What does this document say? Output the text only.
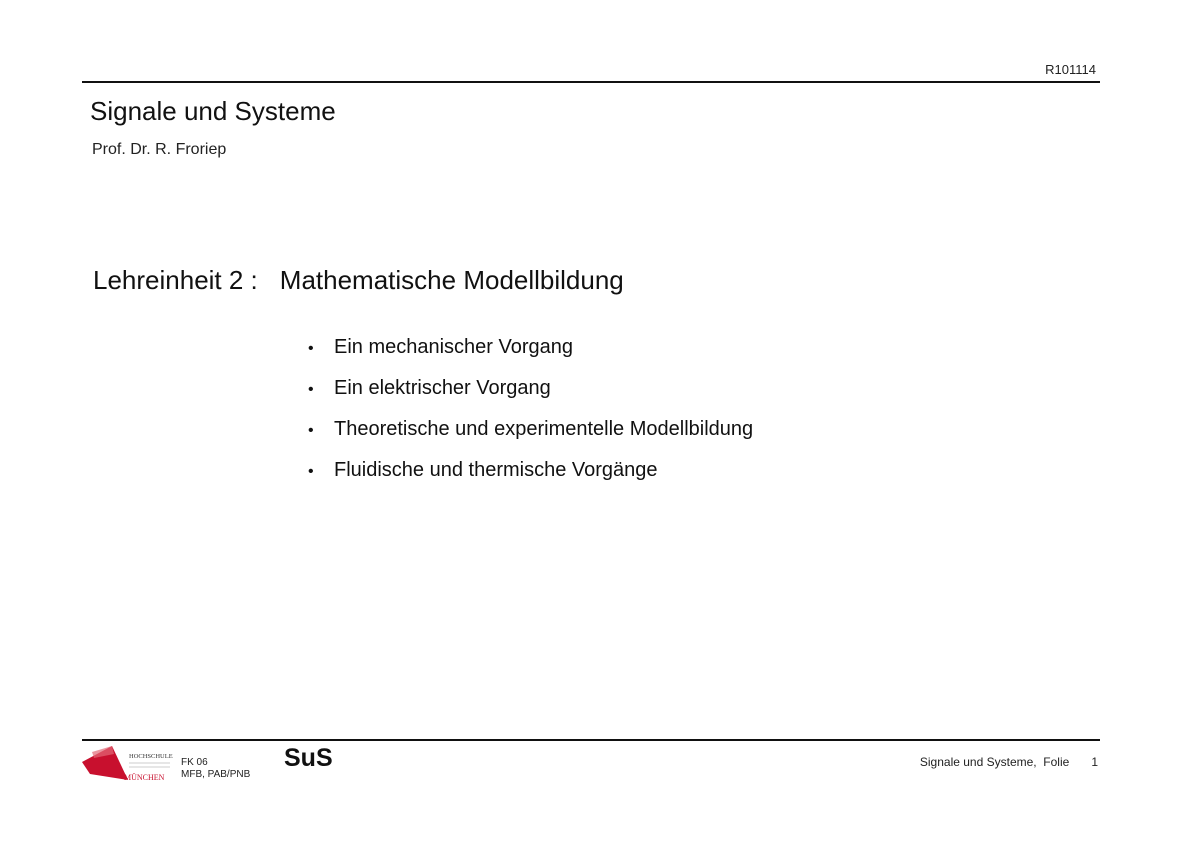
R101114
Signale und Systeme
Prof. Dr. R. Froriep
Lehreinheit 2 : Mathematische Modellbildung
• Ein mechanischer Vorgang
• Ein elektrischer Vorgang
• Theoretische und experimentelle Modellbildung
• Fluidische und thermische Vorgänge
HOCHSCHULE
MÜNCHEN
FK 06
MFB, PAB/PNB
SuS	Signale und Systeme,  Folie 1
